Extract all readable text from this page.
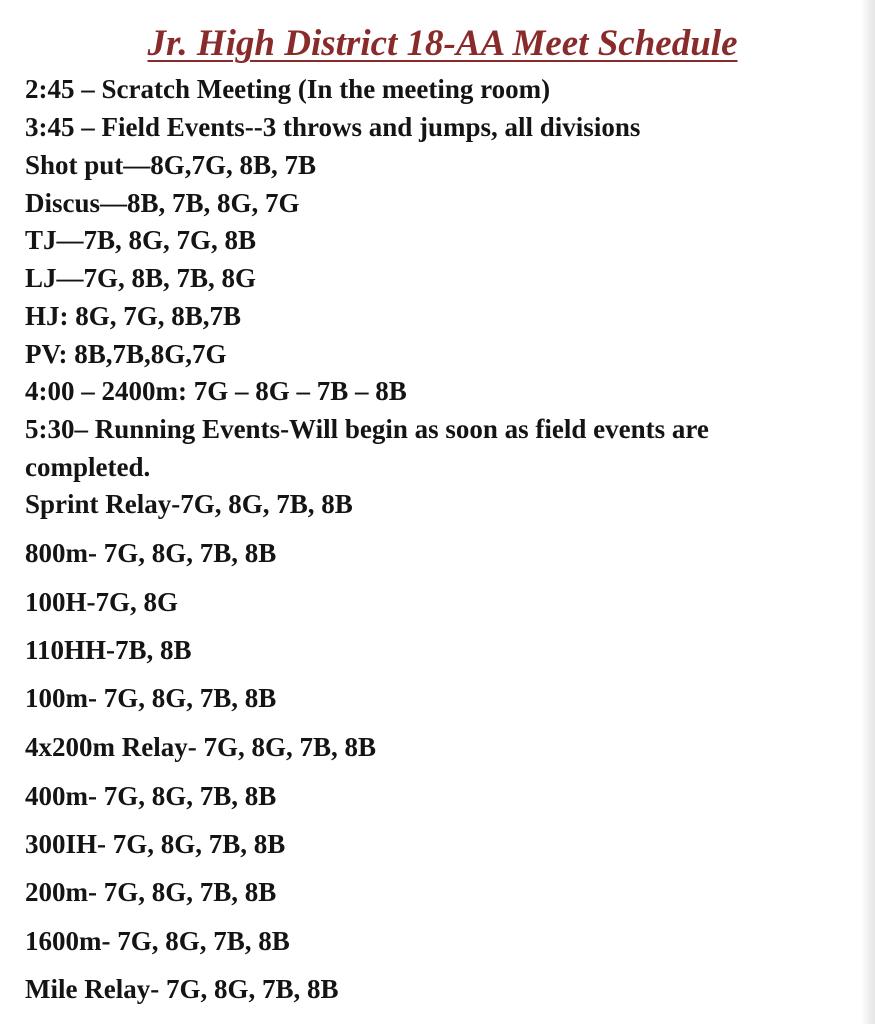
Jr. High District 18-AA Meet Schedule
2:45 – Scratch Meeting (In the meeting room)
3:45 – Field Events--3 throws and jumps, all divisions
Shot put—8G,7G, 8B, 7B
Discus—8B, 7B, 8G, 7G
TJ—7B, 8G, 7G, 8B
LJ—7G, 8B, 7B, 8G
HJ: 8G, 7G, 8B,7B
PV: 8B,7B,8G,7G
4:00 – 2400m: 7G – 8G – 7B – 8B
5:30– Running Events-Will begin as soon as field events are
completed.
Sprint Relay-7G, 8G, 7B, 8B
800m- 7G, 8G, 7B, 8B
100H-7G, 8G
110HH-7B, 8B
100m- 7G, 8G, 7B, 8B
4x200m Relay- 7G, 8G, 7B, 8B
400m- 7G, 8G, 7B, 8B
300IH- 7G, 8G, 7B, 8B
200m- 7G, 8G, 7B, 8B
1600m- 7G, 8G, 7B, 8B
Mile Relay- 7G, 8G, 7B, 8B
